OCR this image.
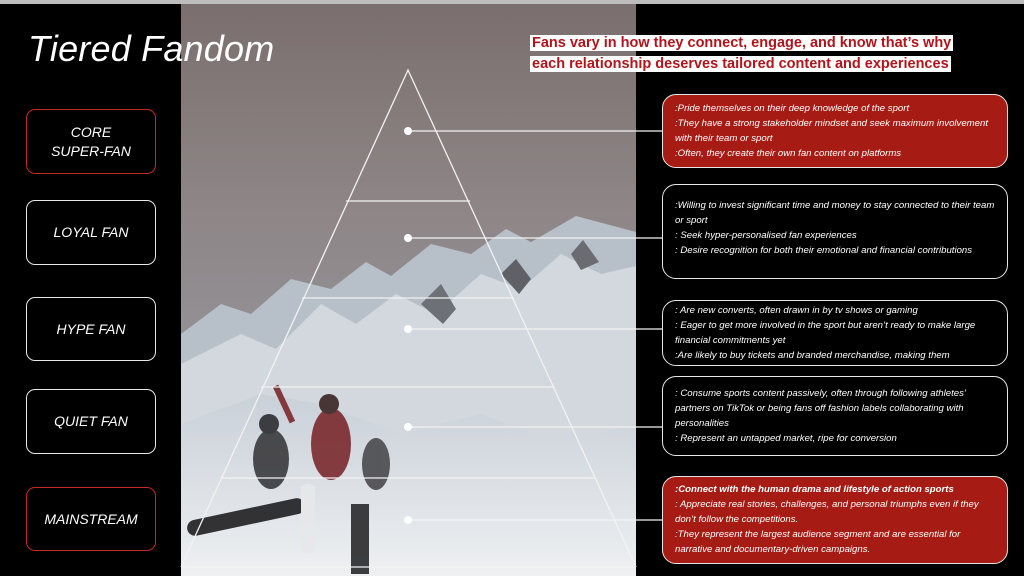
Tiered Fandom	Fans vary in how they connect, engage, and know that’s why
each relationship deserves tailored content and experiences
CORE
SUPER-FAN
LOYAL FAN
HYPE FAN
QUIET FAN
MAINSTREAM
:Pride themselves on their deep knowledge of the sport
:They have a strong stakeholder mindset and seek maximum involvement with their team or sport
:Often, they create their own fan content on platforms
:Willing to invest significant time and money to stay connected to their team or sport
: Seek hyper-personalised fan experiences
: Desire recognition for both their emotional and financial contributions
: Are new converts, often drawn in by tv shows or gaming
: Eager to get more involved in the sport but aren’t ready to make large financial commitments yet
:Are likely to buy tickets and branded merchandise, making them
: Consume sports content passively, often through following athletes’ partners on TikTok or being fans off fashion labels collaborating with personalities
: Represent an untapped market, ripe for conversion
:Connect with the human drama and lifestyle of action sports
: Appreciate real stories, challenges, and personal triumphs even if they don’t follow the competitions.
:They represent the largest audience segment and are essential for narrative and documentary-driven campaigns.
